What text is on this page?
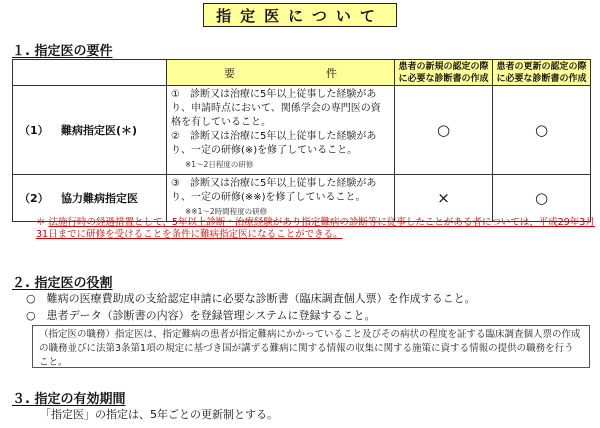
指定医について
１. 指定医の要件
	要　件	患者の新規の認定の際に必要な診断書の作成	患者の更新の認定の際に必要な診断書の作成
（1） 難病指定医(＊)	①　診断又は治療に5年以上従事した経験があり、申請時点において、関係学会の専門医の資格を有していること。
②　診断又は治療に5年以上従事した経験があり、一定の研修(※)を修了していること。
※1～2日程度の研修	○	○
（2） 協力難病指定医	③　診断又は治療に5年以上従事した経験があり、一定の研修(※※)を修了していること。
※※1～2時間程度の研修	×	○
＊ 法施行時の経過措置として、5年以上診断・治療経験があり指定難病の診断等に従事したことがある者については、平成29年3月31日までに研修を受けることを条件に難病指定医になることができる。
２. 指定医の役割
○　難病の医療費助成の支給認定申請に必要な診断書（臨床調査個人票）を作成すること。
○　患者データ（診断書の内容）を登録管理システムに登録すること。
（指定医の職務）指定医は、指定難病の患者が指定難病にかかっていること及びその病状の程度を証する臨床調査個人票の作成の職務並びに法第3条第1項の規定に基づき国が講ずる難病に関する情報の収集に関する施策に資する情報の提供の職務を行うこと。
３. 指定の有効期間
「指定医」の指定は、5年ごとの更新制とする。
